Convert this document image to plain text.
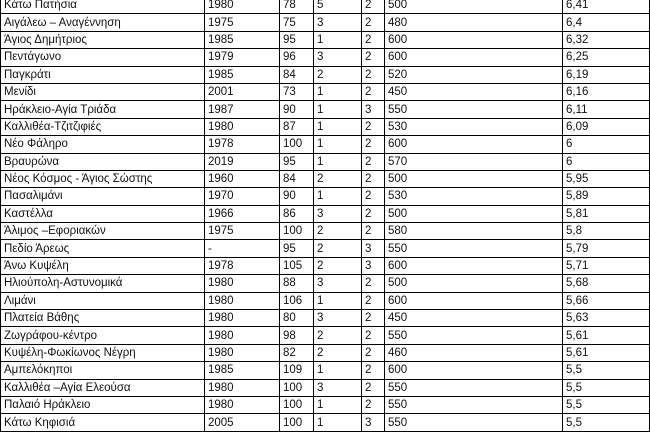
Κάτω Πατήσια	1980	78	5	2	500	6,41
Αιγάλεω – Αναγέννηση	1975	75	3	2	480	6,4
Άγιος Δημήτριος	1985	95	1	2	600	6,32
Πεντάγωνο	1979	96	3	2	600	6,25
Παγκράτι	1985	84	2	2	520	6,19
Μενίδι	2001	73	1	2	450	6,16
Ηράκλειο-Αγία Τριάδα	1987	90	1	3	550	6,11
Καλλιθέα-Τζιτζιφιές	1980	87	1	2	530	6,09
Νέο Φάληρο	1978	100	1	2	600	6
Βραυρώνα	2019	95	1	2	570	6
Νέος Κόσμος - Άγιος Σώστης	1960	84	2	2	500	5,95
Πασαλιμάνι	1970	90	1	2	530	5,89
Καστέλλα	1966	86	3	2	500	5,81
Άλιμος –Εφοριακών	1975	100	2	2	580	5,8
Πεδίο Άρεως	-	95	2	3	550	5,79
Άνω Κυψέλη	1978	105	2	3	600	5,71
Ηλιούπολη-Αστυνομικά	1980	88	3	2	500	5,68
Λιμάνι	1980	106	1	2	600	5,66
Πλατεία Βάθης	1980	80	3	2	450	5,63
Ζωγράφου-κέντρο	1980	98	2	2	550	5,61
Κυψέλη-Φωκίωνος Νέγρη	1980	82	2	2	460	5,61
Αμπελόκηποι	1985	109	1	2	600	5,5
Καλλιθέα –Αγία Ελεούσα	1980	100	3	2	550	5,5
Παλαιό Ηράκλειο	1980	100	1	2	550	5,5
Κάτω Κηφισιά	2005	100	1	3	550	5,5
